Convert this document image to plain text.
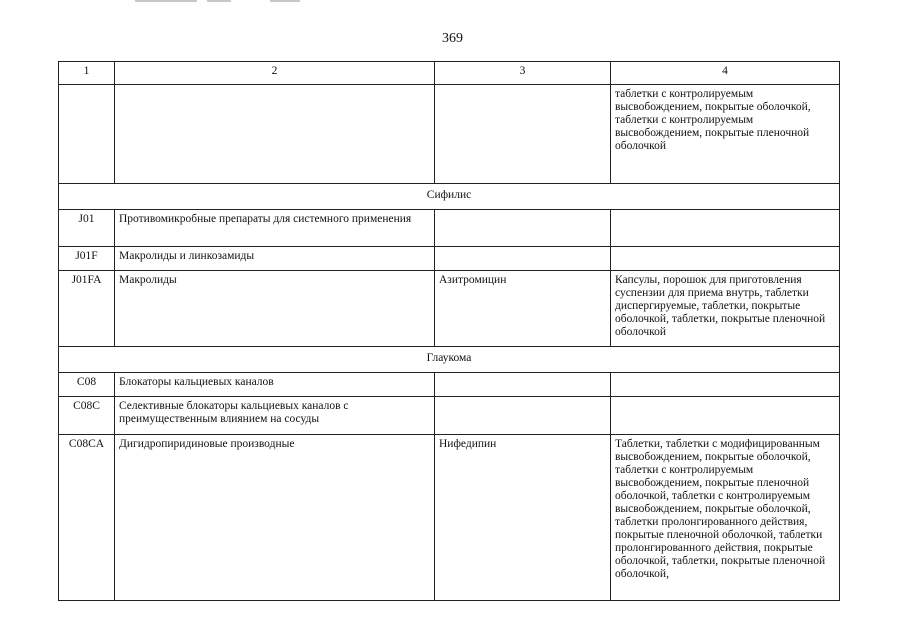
369
1	2	3	4
			таблетки с контролируемым высвобождением, покрытые оболочкой, таблетки с контролируемым высвобождением, покрытые пленочной оболочкой
Сифилис			
J01	Противомикробные препараты для системного применения		
J01F	Макролиды и линкозамиды		
J01FA	Макролиды	Азитромицин	Капсулы, порошок для приготовления суспензии для приема внутрь, таблетки диспергируемые, таблетки, покрытые оболочкой, таблетки, покрытые пленочной оболочкой
Глаукома			
C08	Блокаторы кальциевых каналов		
C08C	Селективные блокаторы кальциевых каналов с преимущественным влиянием на сосуды		
C08CA	Дигидропиридиновые производные	Нифедипин	Таблетки, таблетки с модифицированным высвобождением, покрытые оболочкой, таблетки с контролируемым высвобождением, покрытые пленочной оболочкой, таблетки с контролируемым высвобождением, покрытые оболочкой, таблетки пролонгированного действия, покрытые пленочной оболочкой, таблетки пролонгированного действия, покрытые оболочкой, таблетки, покрытые пленочной оболочкой,
